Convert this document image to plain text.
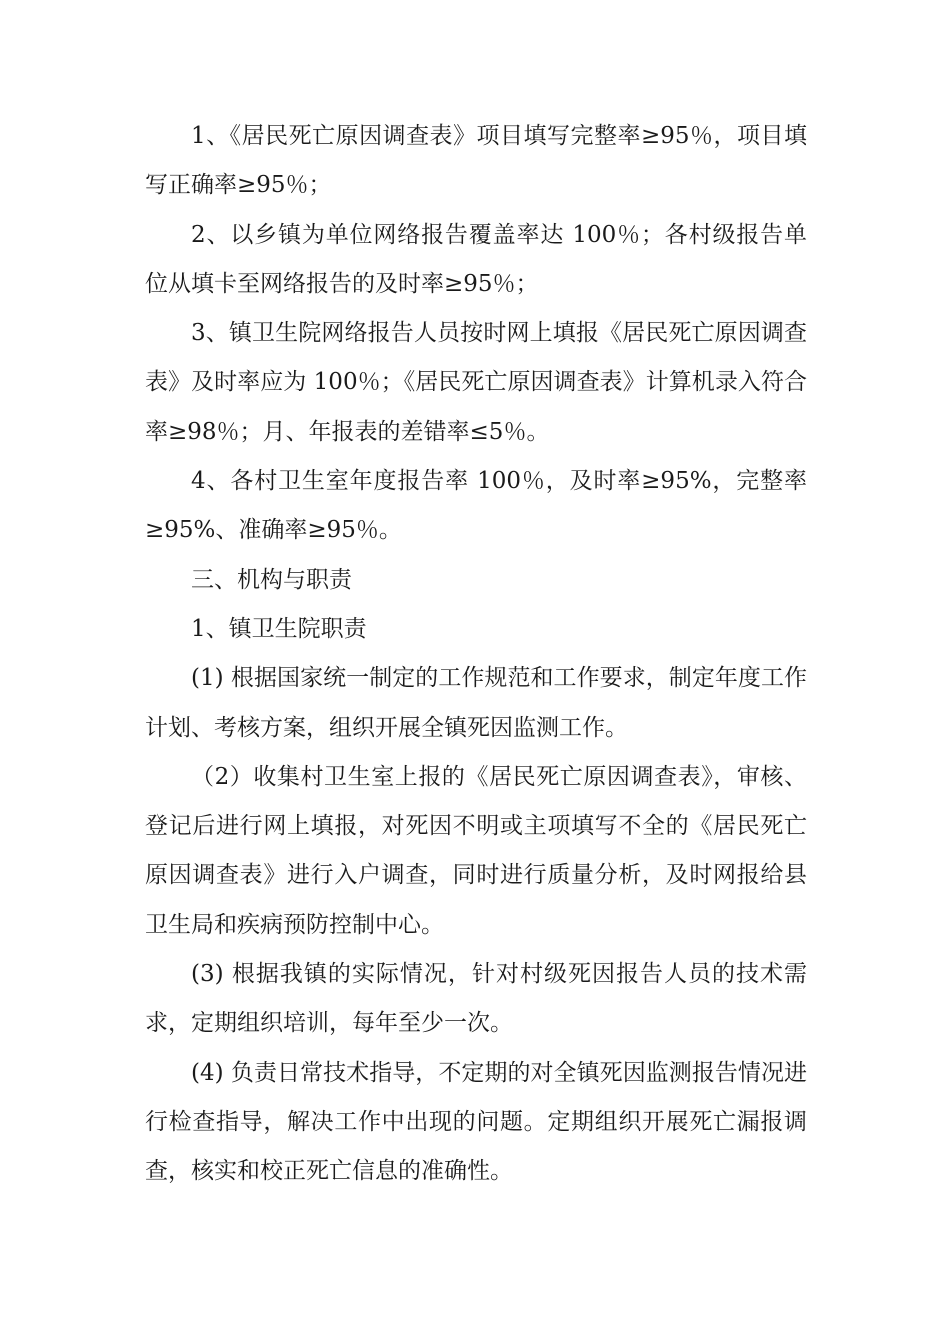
1、《居民死亡原因调查表》项目填写完整率≥95％，项目填写正确率≥95％；

2、以乡镇为单位网络报告覆盖率达 100％；各村级报告单位从填卡至网络报告的及时率≥95％；

3、镇卫生院网络报告人员按时网上填报《居民死亡原因调查表》及时率应为 100％；《居民死亡原因调查表》计算机录入符合率≥98％；月、年报表的差错率≤5％。

4、各村卫生室年度报告率 100％，及时率≥95%，完整率≥95%、准确率≥95％。

三、机构与职责

1、镇卫生院职责

(1) 根据国家统一制定的工作规范和工作要求，制定年度工作计划、考核方案，组织开展全镇死因监测工作。

（2）收集村卫生室上报的《居民死亡原因调查表》，审核、登记后进行网上填报，对死因不明或主项填写不全的《居民死亡原因调查表》进行入户调查，同时进行质量分析，及时网报给县卫生局和疾病预防控制中心。

(3) 根据我镇的实际情况，针对村级死因报告人员的技术需求，定期组织培训，每年至少一次。

(4) 负责日常技术指导，不定期的对全镇死因监测报告情况进行检查指导，解决工作中出现的问题。定期组织开展死亡漏报调查，核实和校正死亡信息的准确性。
